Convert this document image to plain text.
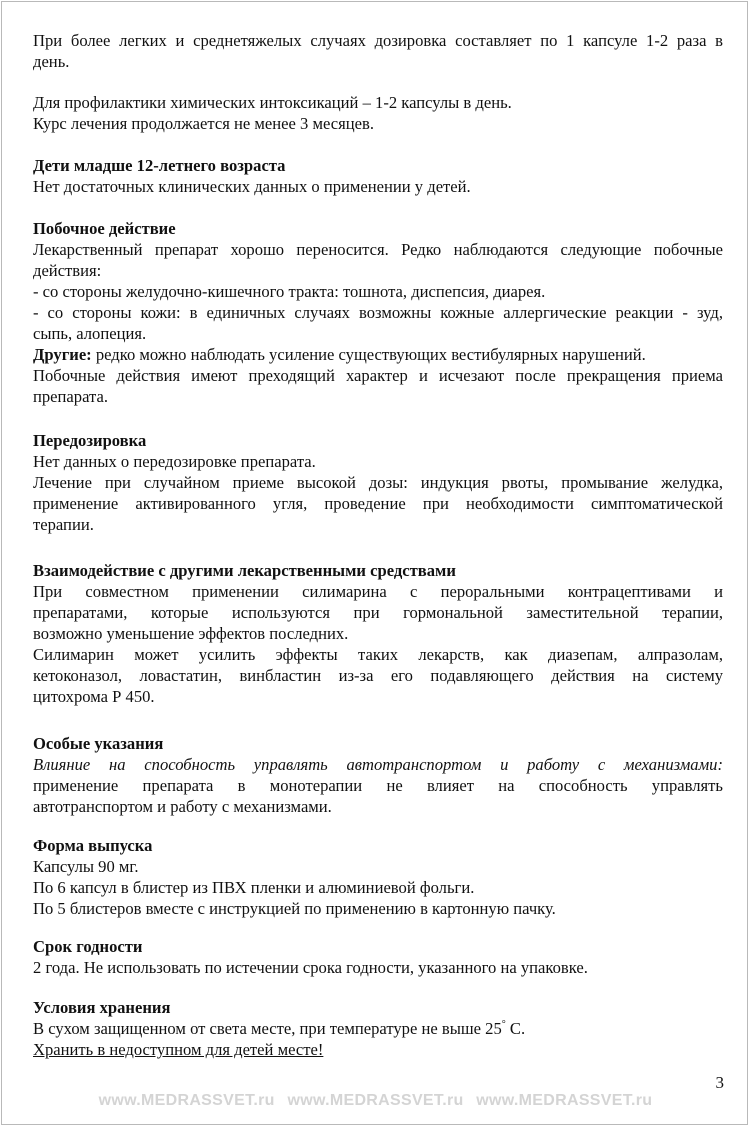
При более легких и среднетяжелых случаях дозировка составляет по 1 капсуле 1-2 раза в
день.
Для профилактики химических интоксикаций – 1-2 капсулы в день.
Курс лечения продолжается не менее 3 месяцев.
Дети младше 12-летнего возраста
Нет достаточных клинических данных о применении у детей.
Побочное действие
Лекарственный препарат хорошо переносится. Редко наблюдаются следующие побочные
действия:
- со стороны желудочно-кишечного тракта: тошнота, диспепсия, диарея.
- со стороны кожи: в единичных случаях возможны кожные аллергические реакции - зуд,
сыпь, алопеция.
Другие: редко можно наблюдать усиление существующих вестибулярных нарушений.
Побочные действия имеют преходящий характер и исчезают после прекращения приема
препарата.
Передозировка
Нет данных о передозировке препарата.
Лечение при случайном приеме высокой дозы: индукция рвоты, промывание желудка,
применение активированного угля, проведение при необходимости симптоматической
терапии.
Взаимодействие с другими лекарственными средствами
При совместном применении силимарина с пероральными контрацептивами и
препаратами, которые используются при гормональной заместительной терапии,
возможно уменьшение эффектов последних.
Силимарин может усилить эффекты таких лекарств, как диазепам, алпразолам,
кетоконазол, ловастатин, винбластин из-за его подавляющего действия на систему
цитохрома Р 450.
Особые указания
Влияние на способность управлять автотранспортом и работу с механизмами:
применение препарата в монотерапии не влияет на способность управлять
автотранспортом и работу с механизмами.
Форма выпуска
Капсулы 90 мг.
По 6 капсул в блистер из ПВХ пленки и алюминиевой фольги.
По 5 блистеров вместе с инструкцией по применению в картонную пачку.
Срок годности
2 года. Не использовать по истечении срока годности, указанного на упаковке.
Условия хранения
В сухом защищенном от света месте, при температуре не выше 25° С.
Хранить в недоступном для детей месте!
3
www.MEDRASSVET.ru www.MEDRASSVET.ru www.MEDRASSVET.ru
